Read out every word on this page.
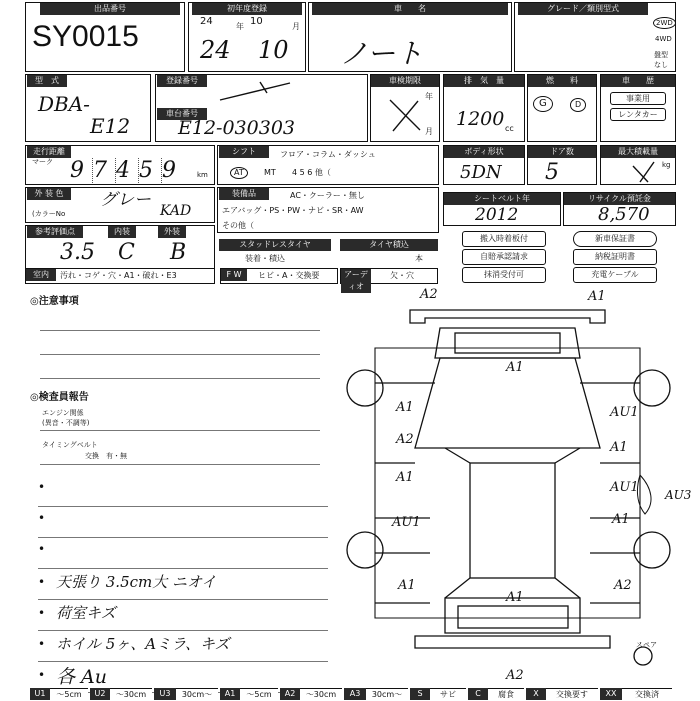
出品番号
SY0015
初年度登録
24	年 10	月
24 10
車　　名
ノート
グレード／類別型式
2WD
4WD
盤型なし
型　式
DBA-
E12
登録番号
車台番号
E12-030303
車検期限
年
月
排　気　量
1200 cc
燃　　料
G	D
車　　歴
事業用
レンタカー
走行距離
マーク 9 7 4 5 9	km
シフト	フロア・コラム・ダッシュ
AT	MT 4 5 6 他（
ボディ形状
5DN
ドア数
5
最大積載量
kg
外 装 色	グレー
(カラーNo	KAD
装備品	AC・クーラー・無し
エアバッグ・PS・PW・ナビ・SR・AW
その他（
シートベルト年
2012
リサイクル預託金
8,570
参考評価点	内装	外装
3.5 C B	スタッドレスタイヤ
装着・積込
タイヤ積込
本
搬入時着板付
自賠承認請求
抹消受付可
新車保証書
納税証明書
充電ケーブル
室内	汚れ・コゲ・穴・A1・破れ・E3	F W	ヒビ・A・交換要	アーディオ
欠・穴
◎注意事項
◎検査員報告
エンジン関係
(異音・不調等)
タイミングベルト
交換　有・無
•
•
•
• 天張り 3.5cm大 ニオイ
• 荷室キズ
• ホイル 5ヶ、Aミラ、キズ
• 各 Au
A2	A1
A1
A1
A2
AU1
A1
AU1
AU1
A1
AU3
A1
A1
A1
A2
A2
スペア
U1	〜5cm	U2	〜30cm	U3	30cm〜	A1	〜5cm	A2	〜30cm	A3	30cm〜	S	サビ	C	腐食	X	交換要す	XX	交換済
